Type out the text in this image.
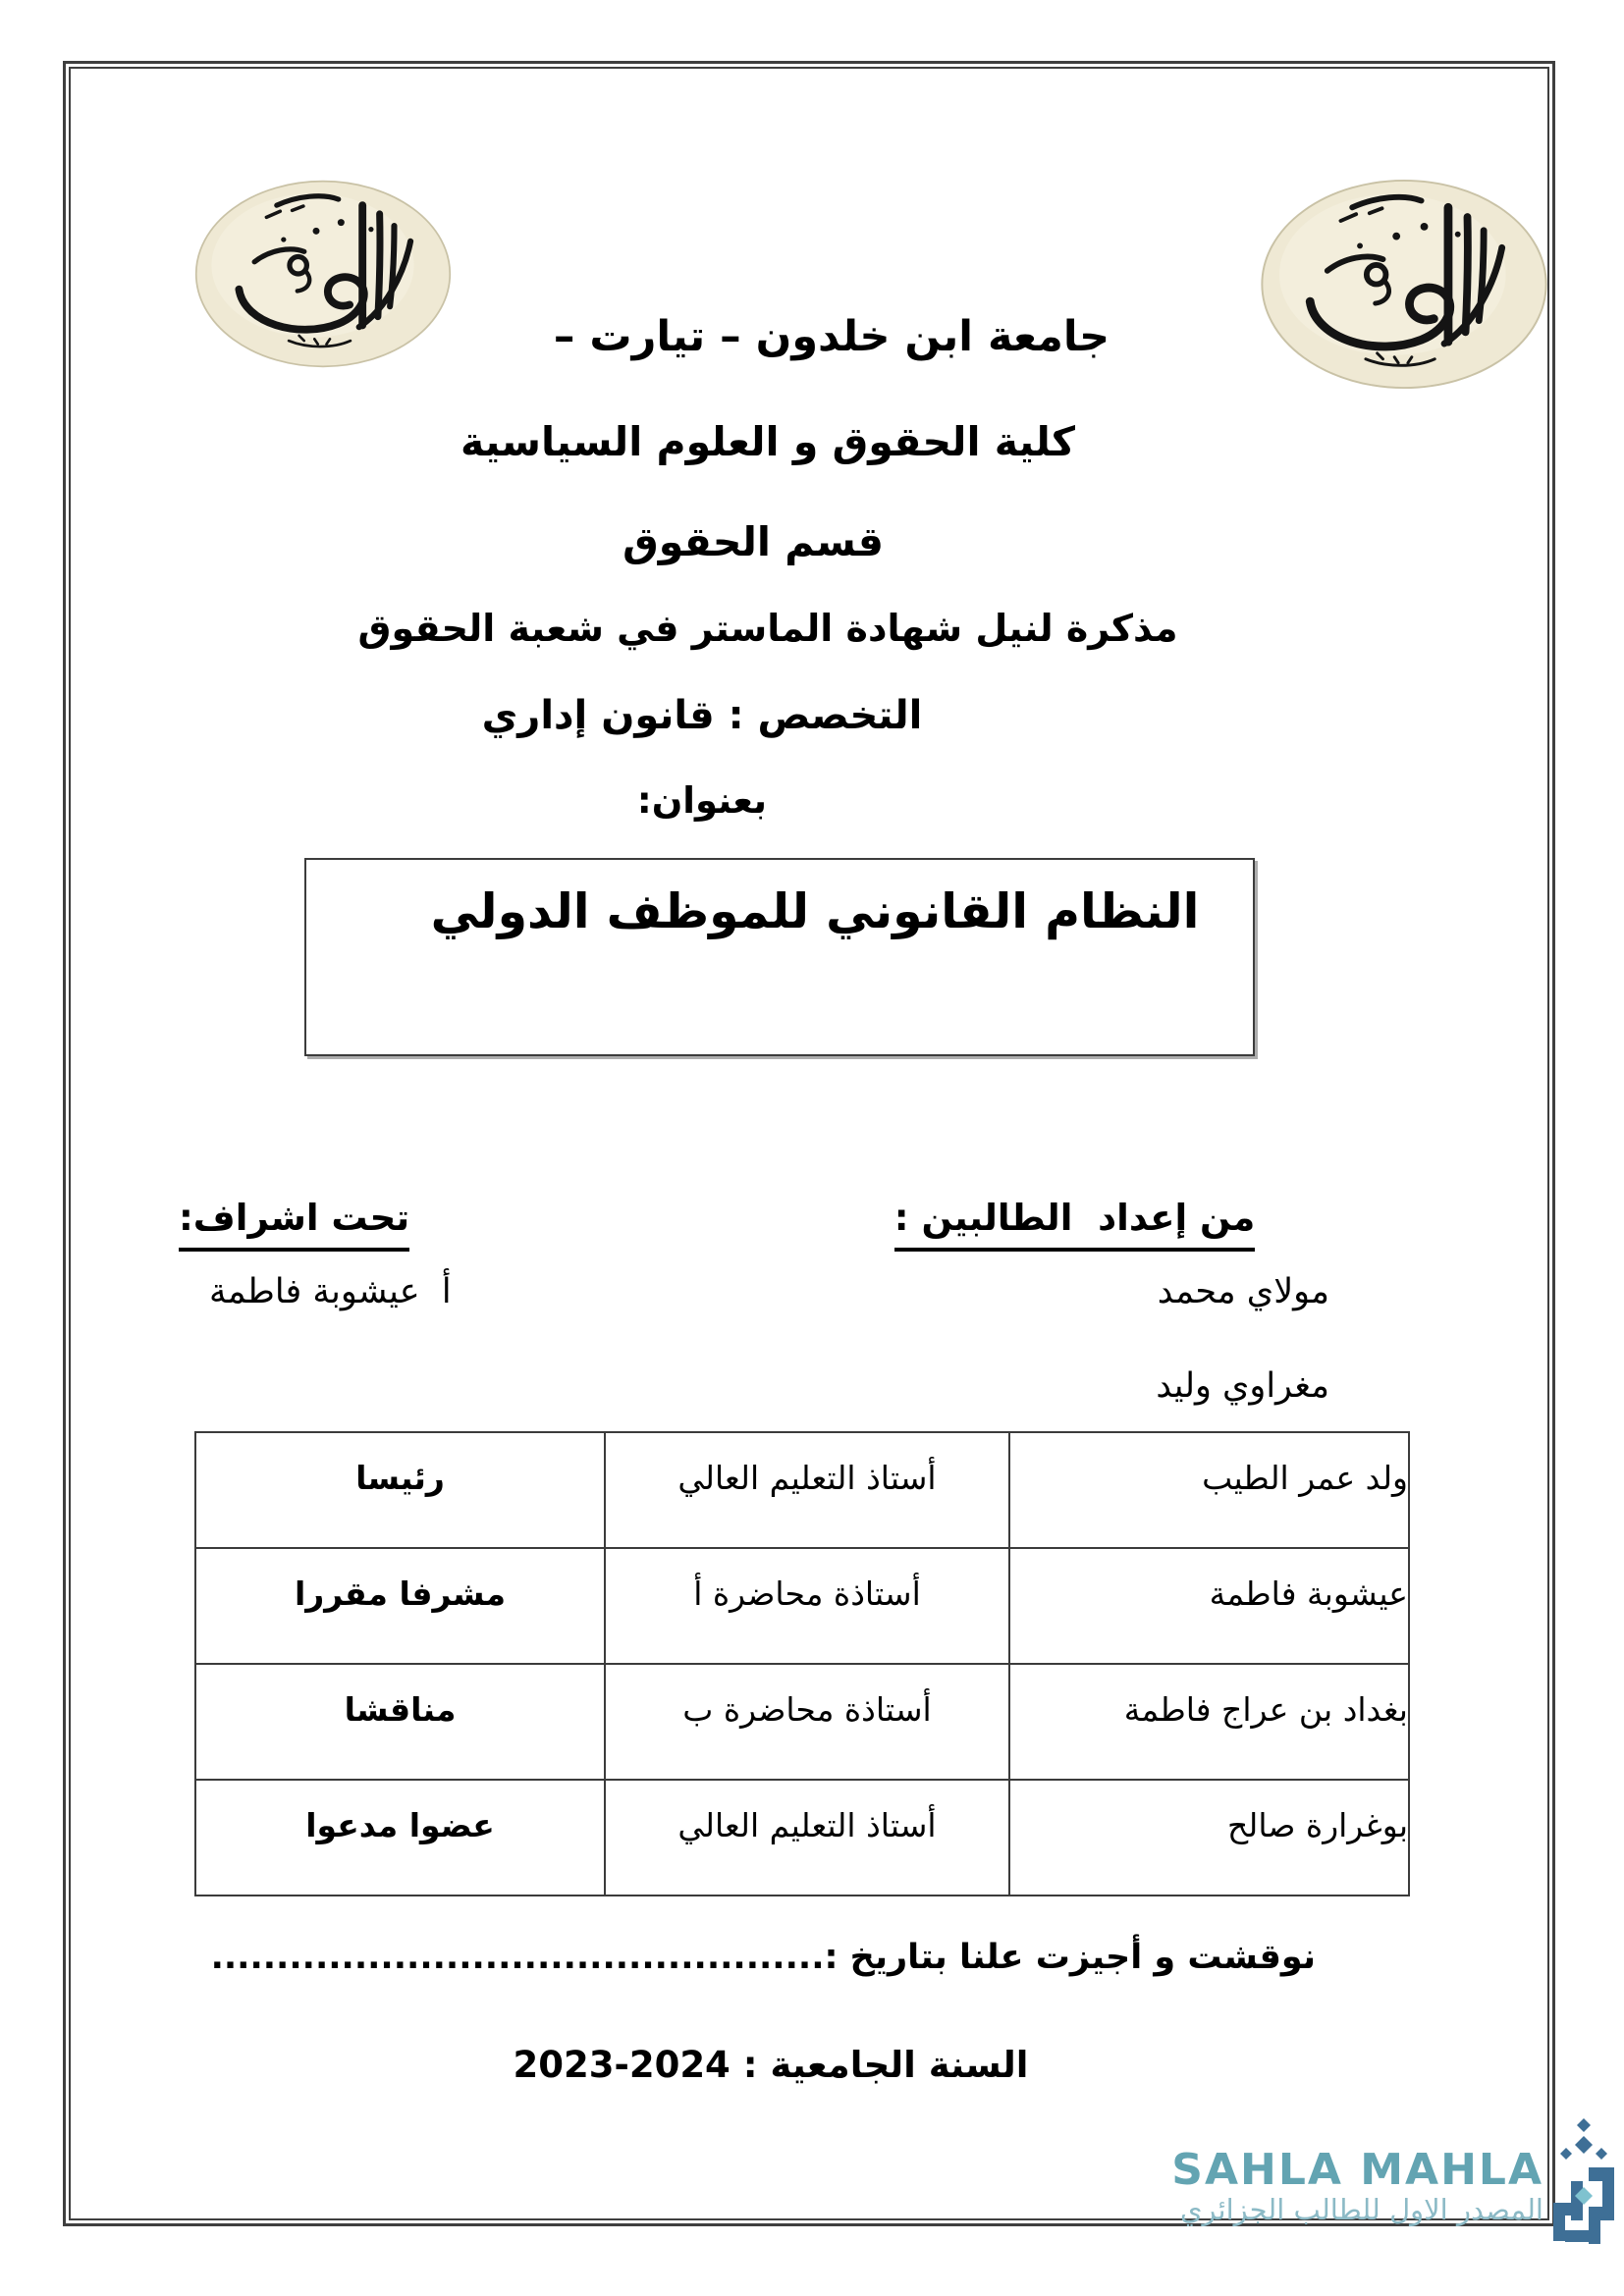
جامعة ابن خلدون – تيارت –
كلية الحقوق و العلوم السياسية
قسم الحقوق
مذكرة لنيل شهادة الماستر في شعبة الحقوق
التخصص : قانون إداري
بعنوان:
النظام القانوني للموظف الدولي

من إعداد  الطالبين :

تحت اشراف:

مولاي محمد
مغراوي وليد
أ  عيشوبة فاطمة
ولد عمر الطيب	أستاذ التعليم العالي	رئيسا
عيشوبة فاطمة	أستاذة محاضرة أ	مشرفا مقررا
بغداد بن عراج فاطمة	أستاذة محاضرة ب	مناقشا
بوغرارة صالح	أستاذ التعليم العالي	عضوا مدعوا
نوقشت و أجيزت علنا بتاريخ :...............................................
السنة الجامعية : 2024-2023
SAHLA MAHLA
المصدر الاول للطالب الجزائري
